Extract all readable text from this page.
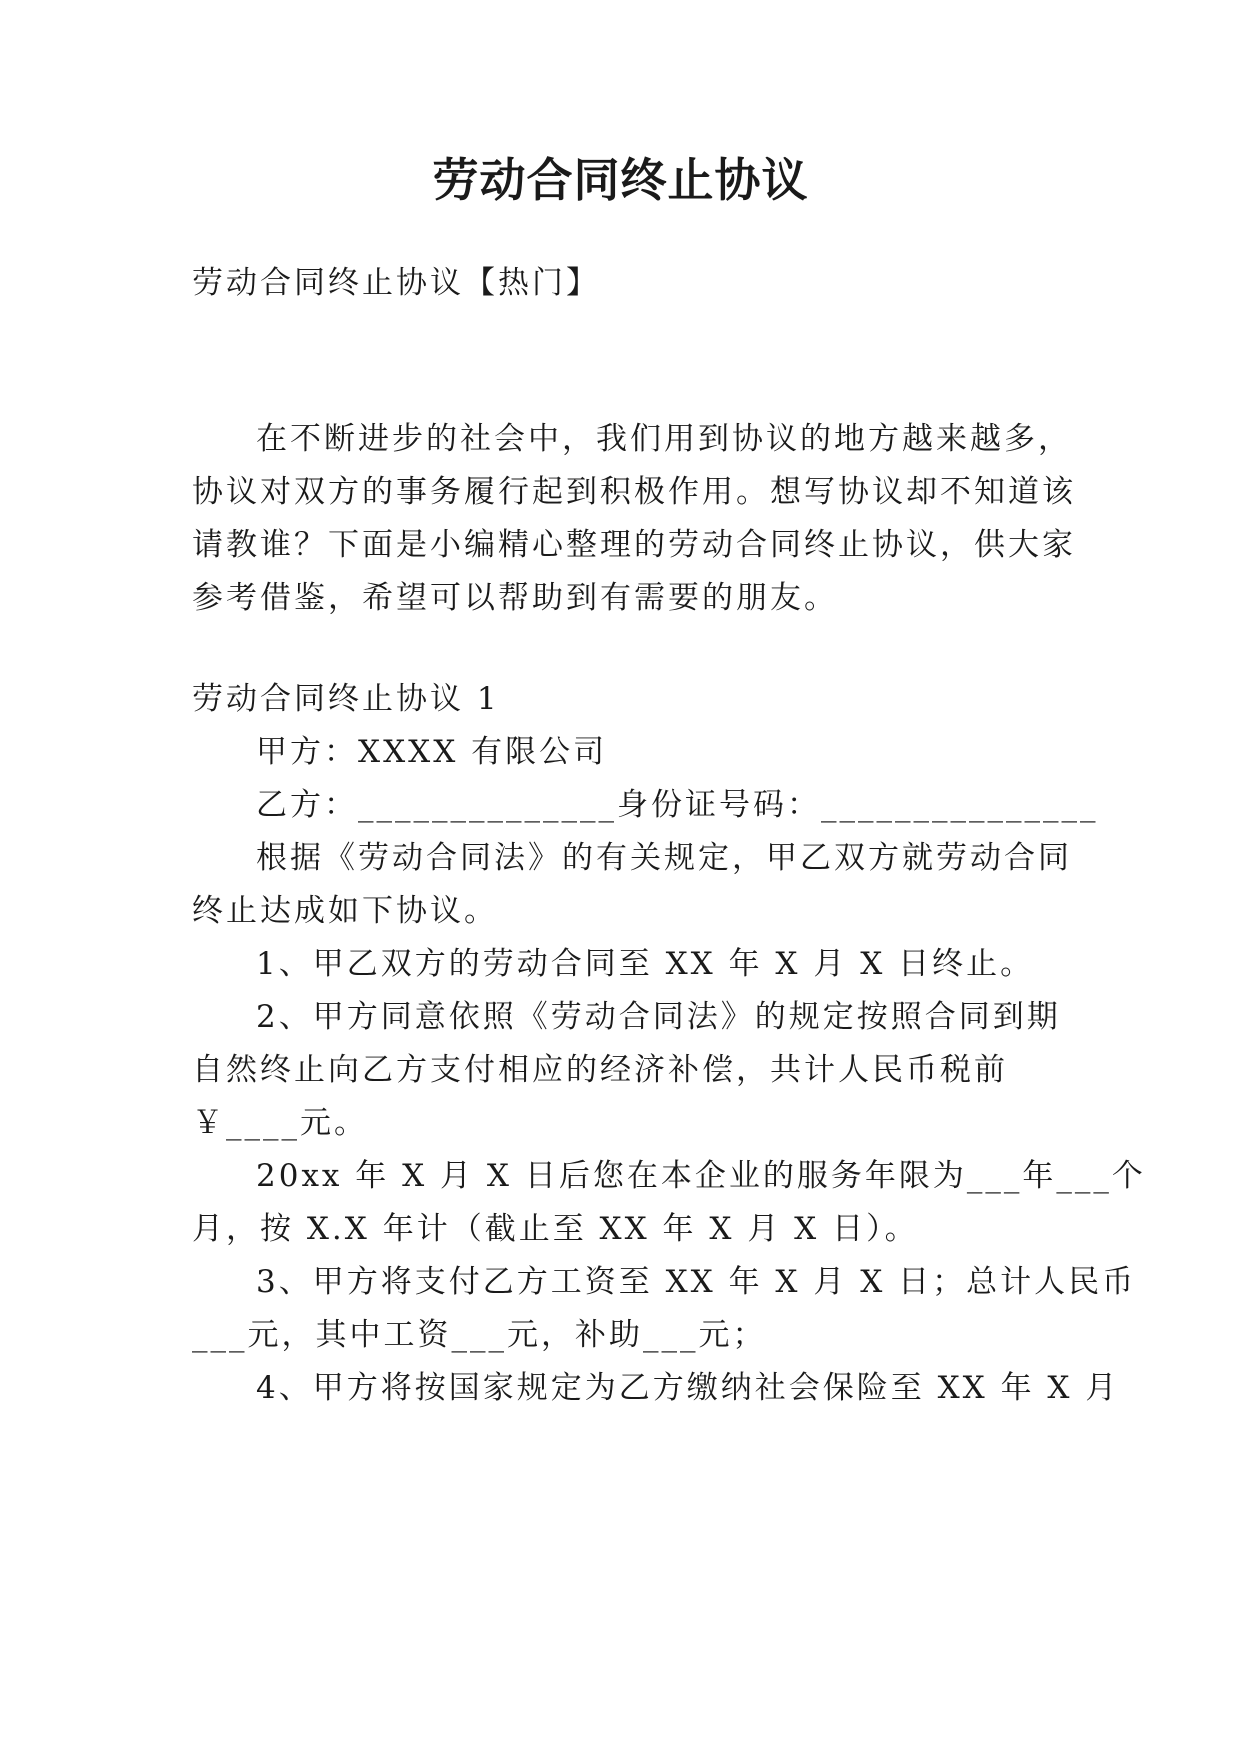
劳动合同终止协议
劳动合同终止协议【热门】
在不断进步的社会中，我们用到协议的地方越来越多，
协议对双方的事务履行起到积极作用。想写协议却不知道该
请教谁？下面是小编精心整理的劳动合同终止协议，供大家
参考借鉴，希望可以帮助到有需要的朋友。
劳动合同终止协议 1
甲方：XXXX 有限公司
乙方：______________身份证号码：_______________
根据《劳动合同法》的有关规定，甲乙双方就劳动合同
终止达成如下协议。
1、甲乙双方的劳动合同至 XX 年 X 月 X 日终止。
2、甲方同意依照《劳动合同法》的规定按照合同到期
自然终止向乙方支付相应的经济补偿，共计人民币税前
￥____元。
20xx 年 X 月 X 日后您在本企业的服务年限为___年___个
月，按 X.X 年计（截止至 XX 年 X 月 X 日）。
3、甲方将支付乙方工资至 XX 年 X 月 X 日；总计人民币
___元，其中工资___元，补助___元；
4、甲方将按国家规定为乙方缴纳社会保险至 XX 年 X 月
